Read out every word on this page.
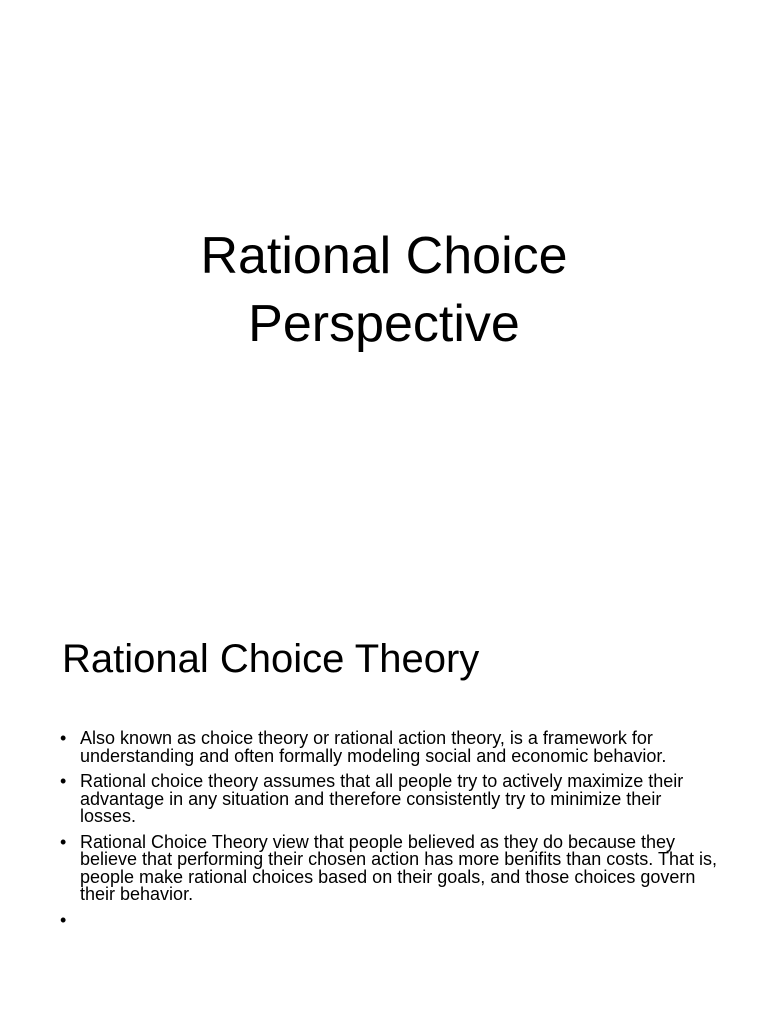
Rational Choice
Perspective
Rational Choice Theory
• Also known as choice theory or rational action theory, is a framework for understanding and often formally modeling social and economic behavior.
• Rational choice theory assumes that all people try to actively maximize their advantage in any situation and therefore consistently try to minimize their losses.
• Rational Choice Theory view that people believed as they do because they believe that performing their chosen action has more benifits than costs. That is, people make rational choices based on their goals, and those choices govern their behavior.
•
